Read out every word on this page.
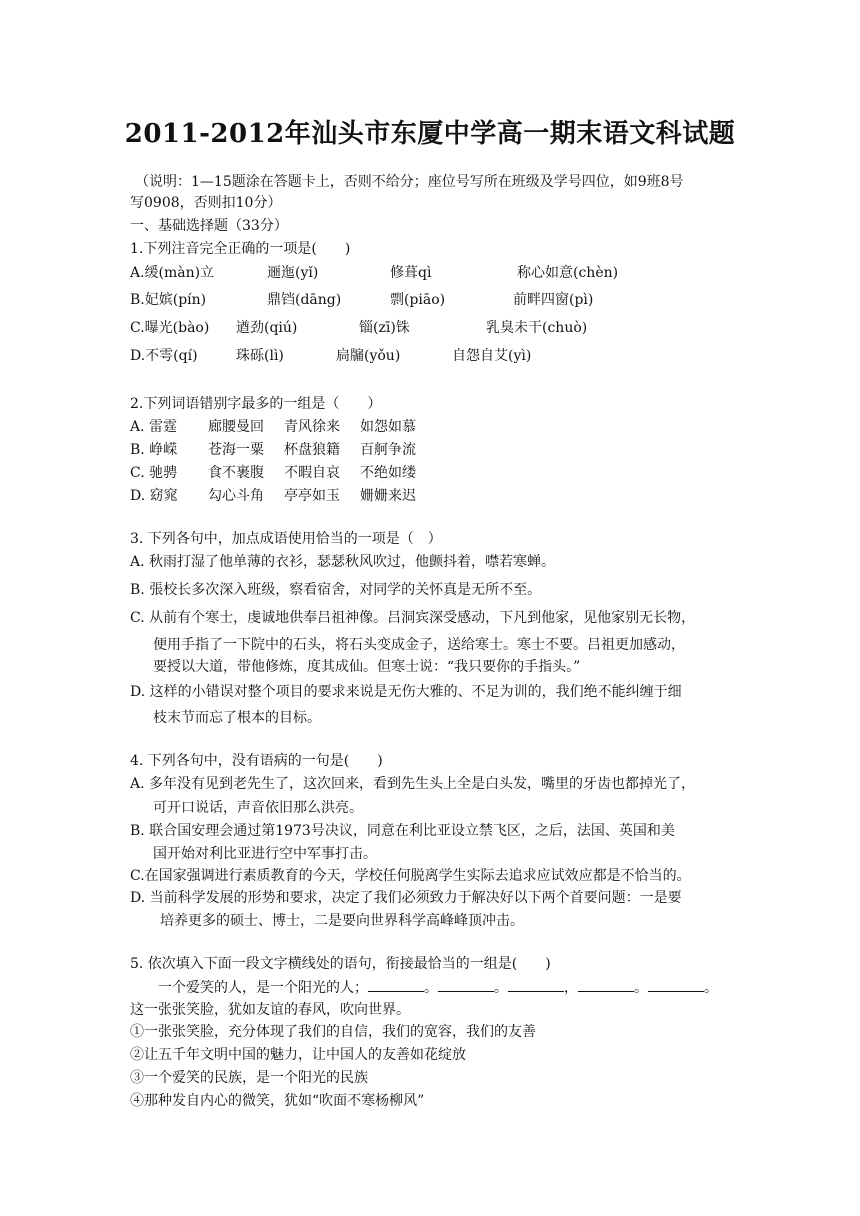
2011-2012年汕头市东厦中学高一期末语文科试题
（说明：1—15题涂在答题卡上，否则不给分；座位号写所在班级及学号四位，如9班8号
写0908，否则扣10分）
一、基础选择题（33分）
1.下列注音完全正确的一项是(　　)
A.缓(màn)立	逦迤(yǐ)	修葺qì	称心如意(chèn)
B.妃嫔(pín)	鼎铛(dāng)	剽(piāo)	前畔四窗(pì)
C.曝光(bào) 遒劲(qiú)	锱(zī)铢	乳臭未干(chuò)
D.不雩(qí)	珠砾(lì)	扃牖(yǒu)	自怨自艾(yì)
2.下列词语错别字最多的一组是（　　）
A. 雷霆 廊腰曼回 青风徐来 如怨如慕
B. 峥嵘 苍海一粟 杯盘狼籍 百舸争流
C. 驰骋 食不裹腹 不暇自哀 不绝如缕
D. 窈窕 勾心斗角 亭亭如玉 姗姗来迟
3. 下列各句中，加点成语使用恰当的一项是（　）
A. 秋雨打湿了他单薄的衣衫，瑟瑟秋风吹过，他颤抖着，噤若寒蝉。
B. 張校长多次深入班级，察看宿舍，对同学的关怀真是无所不至。
C. 从前有个寒士，虔诚地供奉吕祖神像。吕洞宾深受感动，下凡到他家，见他家别无长物，
便用手指了一下院中的石头，将石头变成金子，送给寒士。寒士不要。吕祖更加感动，
要授以大道，带他修炼，度其成仙。但寒士说：“我只要你的手指头。”
D. 这样的小错误对整个项目的要求来说是无伤大雅的、不足为训的，我们绝不能纠缠于细
枝末节而忘了根本的目标。
4. 下列各句中，没有语病的一句是(　　)
A. 多年没有见到老先生了，这次回来，看到先生头上全是白头发，嘴里的牙齿也都掉光了，
可开口说话，声音依旧那么洪亮。
B. 联合国安理会通过第1973号决议，同意在利比亚设立禁飞区，之后，法国、英国和美
国开始对利比亚进行空中军事打击。
C.在国家强调进行素质教育的今天，学校任何脱离学生实际去追求应试效应都是不恰当的。
D. 当前科学发展的形势和要求，决定了我们必须致力于解决好以下两个首要问题：一是要
培养更多的硕士、博士，二是要向世界科学高峰峰顶冲击。
5. 依次填入下面一段文字横线处的语句，衔接最恰当的一组是(　　)
一个爱笑的人，是一个阳光的人；	。	。	，	。	。
这一张张笑脸，犹如友谊的春风，吹向世界。
①一张张笑脸，充分体现了我们的自信，我们的宽容，我们的友善
②让五千年文明中国的魅力，让中国人的友善如花绽放
③一个爱笑的民族，是一个阳光的民族
④那种发自内心的微笑，犹如“吹面不寒杨柳风”
